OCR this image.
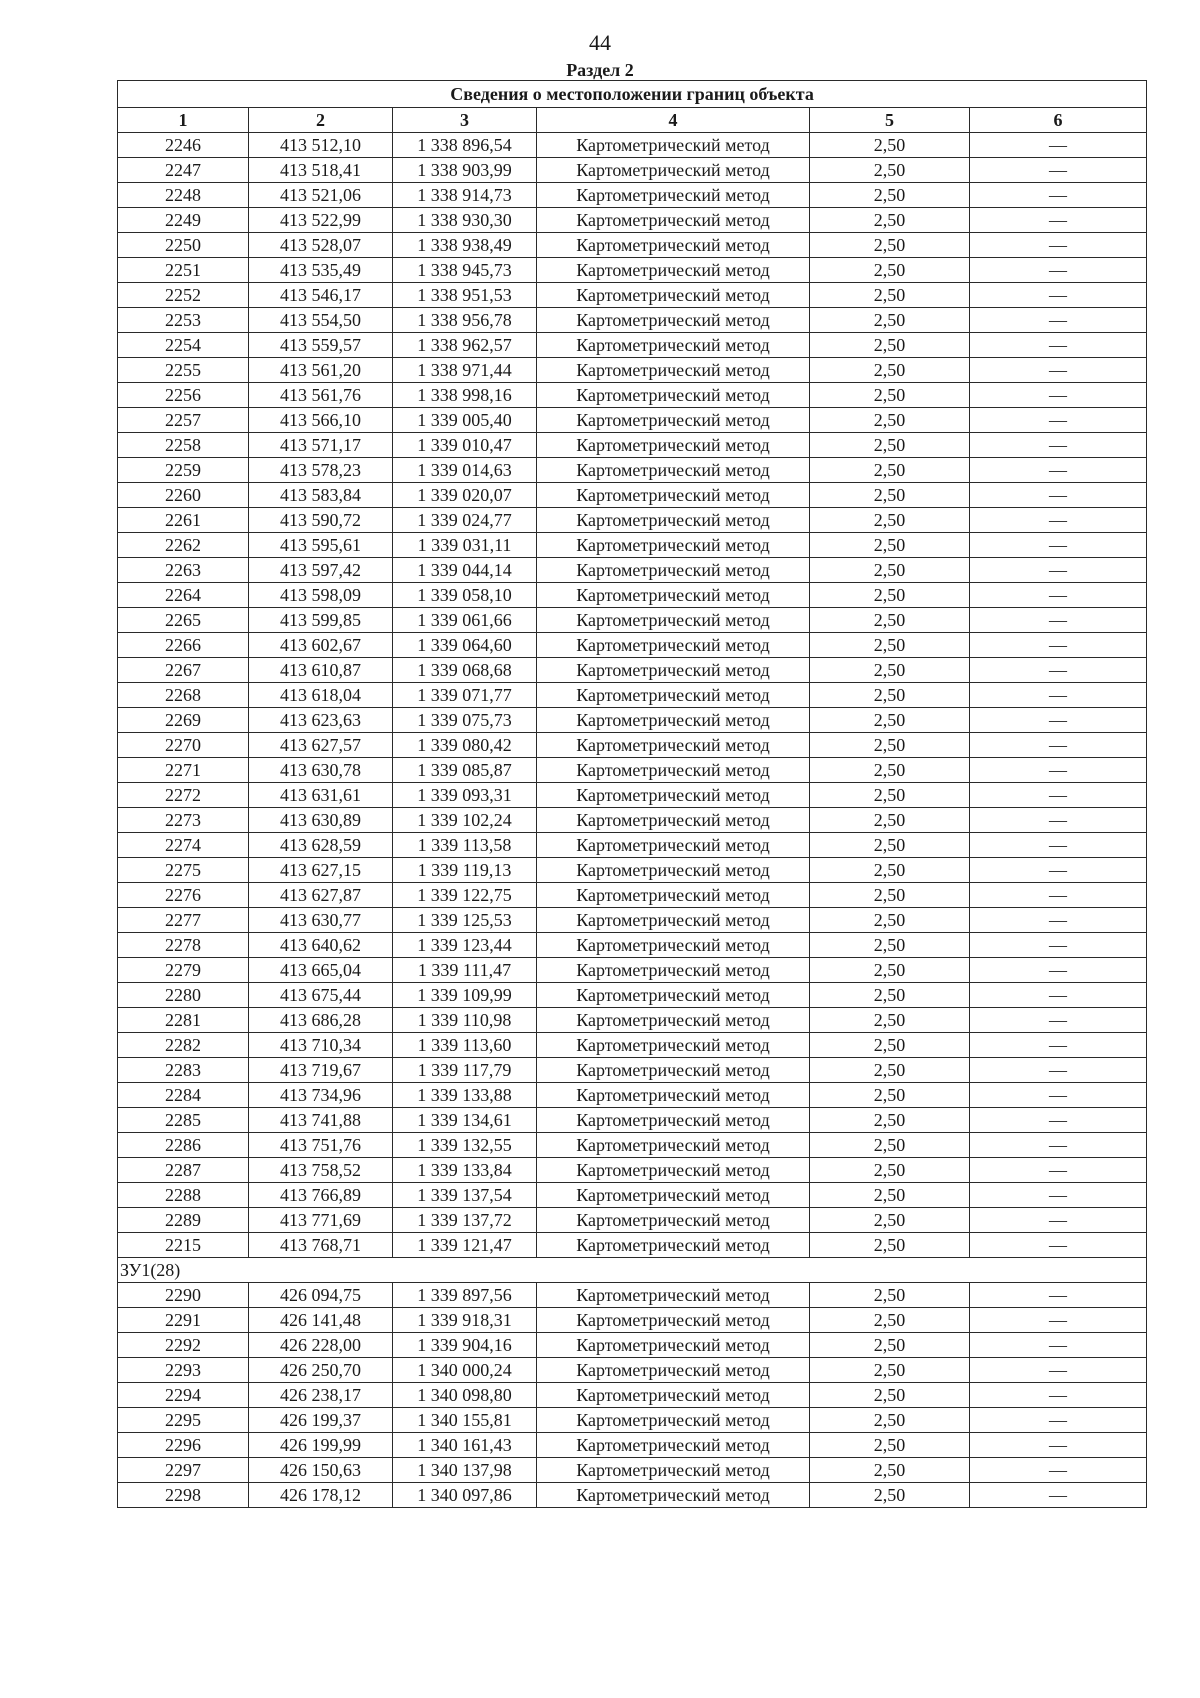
44
Раздел 2
Сведения о местоположении границ объекта					
1	2	3	4	5	6
2246	413 512,10	1 338 896,54	Картометрический метод	2,50	—
2247	413 518,41	1 338 903,99	Картометрический метод	2,50	—
2248	413 521,06	1 338 914,73	Картометрический метод	2,50	—
2249	413 522,99	1 338 930,30	Картометрический метод	2,50	—
2250	413 528,07	1 338 938,49	Картометрический метод	2,50	—
2251	413 535,49	1 338 945,73	Картометрический метод	2,50	—
2252	413 546,17	1 338 951,53	Картометрический метод	2,50	—
2253	413 554,50	1 338 956,78	Картометрический метод	2,50	—
2254	413 559,57	1 338 962,57	Картометрический метод	2,50	—
2255	413 561,20	1 338 971,44	Картометрический метод	2,50	—
2256	413 561,76	1 338 998,16	Картометрический метод	2,50	—
2257	413 566,10	1 339 005,40	Картометрический метод	2,50	—
2258	413 571,17	1 339 010,47	Картометрический метод	2,50	—
2259	413 578,23	1 339 014,63	Картометрический метод	2,50	—
2260	413 583,84	1 339 020,07	Картометрический метод	2,50	—
2261	413 590,72	1 339 024,77	Картометрический метод	2,50	—
2262	413 595,61	1 339 031,11	Картометрический метод	2,50	—
2263	413 597,42	1 339 044,14	Картометрический метод	2,50	—
2264	413 598,09	1 339 058,10	Картометрический метод	2,50	—
2265	413 599,85	1 339 061,66	Картометрический метод	2,50	—
2266	413 602,67	1 339 064,60	Картометрический метод	2,50	—
2267	413 610,87	1 339 068,68	Картометрический метод	2,50	—
2268	413 618,04	1 339 071,77	Картометрический метод	2,50	—
2269	413 623,63	1 339 075,73	Картометрический метод	2,50	—
2270	413 627,57	1 339 080,42	Картометрический метод	2,50	—
2271	413 630,78	1 339 085,87	Картометрический метод	2,50	—
2272	413 631,61	1 339 093,31	Картометрический метод	2,50	—
2273	413 630,89	1 339 102,24	Картометрический метод	2,50	—
2274	413 628,59	1 339 113,58	Картометрический метод	2,50	—
2275	413 627,15	1 339 119,13	Картометрический метод	2,50	—
2276	413 627,87	1 339 122,75	Картометрический метод	2,50	—
2277	413 630,77	1 339 125,53	Картометрический метод	2,50	—
2278	413 640,62	1 339 123,44	Картометрический метод	2,50	—
2279	413 665,04	1 339 111,47	Картометрический метод	2,50	—
2280	413 675,44	1 339 109,99	Картометрический метод	2,50	—
2281	413 686,28	1 339 110,98	Картометрический метод	2,50	—
2282	413 710,34	1 339 113,60	Картометрический метод	2,50	—
2283	413 719,67	1 339 117,79	Картометрический метод	2,50	—
2284	413 734,96	1 339 133,88	Картометрический метод	2,50	—
2285	413 741,88	1 339 134,61	Картометрический метод	2,50	—
2286	413 751,76	1 339 132,55	Картометрический метод	2,50	—
2287	413 758,52	1 339 133,84	Картометрический метод	2,50	—
2288	413 766,89	1 339 137,54	Картометрический метод	2,50	—
2289	413 771,69	1 339 137,72	Картометрический метод	2,50	—
2215	413 768,71	1 339 121,47	Картометрический метод	2,50	—
ЗУ1(28)					
2290	426 094,75	1 339 897,56	Картометрический метод	2,50	—
2291	426 141,48	1 339 918,31	Картометрический метод	2,50	—
2292	426 228,00	1 339 904,16	Картометрический метод	2,50	—
2293	426 250,70	1 340 000,24	Картометрический метод	2,50	—
2294	426 238,17	1 340 098,80	Картометрический метод	2,50	—
2295	426 199,37	1 340 155,81	Картометрический метод	2,50	—
2296	426 199,99	1 340 161,43	Картометрический метод	2,50	—
2297	426 150,63	1 340 137,98	Картометрический метод	2,50	—
2298	426 178,12	1 340 097,86	Картометрический метод	2,50	—
